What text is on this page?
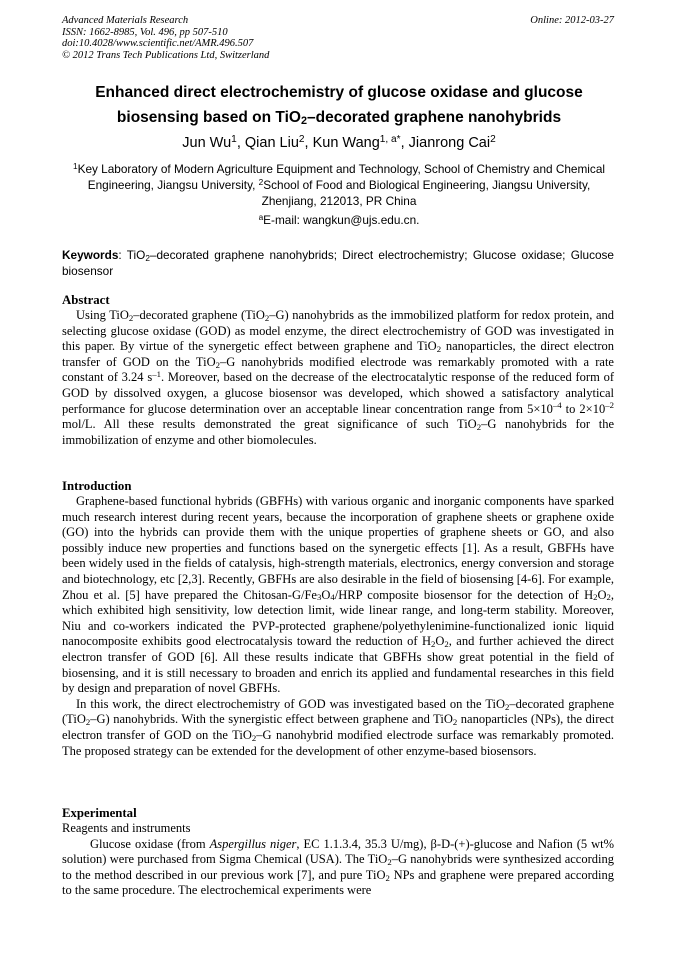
Advanced Materials Research
ISSN: 1662-8985, Vol. 496, pp 507-510
doi:10.4028/www.scientific.net/AMR.496.507
© 2012 Trans Tech Publications Ltd, Switzerland
Online: 2012-03-27
Enhanced direct electrochemistry of glucose oxidase and glucose
biosensing based on TiO$_2$–decorated graphene nanohybrids
Jun Wu$^1$, Qian Liu$^2$, Kun Wang$^{1, a*}$, Jianrong Cai$^2$
$^1$Key Laboratory of Modern Agriculture Equipment and Technology, School of Chemistry and Chemical Engineering, Jiangsu University, $^2$School of Food and Biological Engineering, Jiangsu University, Zhenjiang, 212013, PR China
$^a$E-mail: wangkun@ujs.edu.cn.
Keywords: TiO$_2$–decorated graphene nanohybrids; Direct electrochemistry; Glucose oxidase; Glucose biosensor
Abstract

Using TiO$_2$–decorated graphene (TiO$_2$–G) nanohybrids as the immobilized platform for redox protein, and selecting glucose oxidase (GOD) as model enzyme, the direct electrochemistry of GOD was investigated in this paper. By virtue of the synergetic effect between graphene and TiO$_2$ nanoparticles, the direct electron transfer of GOD on the TiO$_2$–G nanohybrids modified electrode was remarkably promoted with a rate constant of 3.24 $s^{-1}$. Moreover, based on the decrease of the electrocatalytic response of the reduced form of GOD by dissolved oxygen, a glucose biosensor was developed, which showed a satisfactory analytical performance for glucose determination over an acceptable linear concentration range from $5\times 10^{-4}$ to $2\times 10^{-2}$ mol/L. All these results demonstrated the great significance of such TiO$_2$–G nanohybrids for the immobilization of enzyme and other biomolecules.

Introduction

Graphene-based functional hybrids (GBFHs) with various organic and inorganic components have sparked much research interest during recent years, because the incorporation of graphene sheets or graphene oxide (GO) into the hybrids can provide them with the unique properties of graphene sheets or GO, and also possibly induce new properties and functions based on the synergetic effects [1]. As a result, GBFHs have been widely used in the fields of catalysis, high-strength materials, electronics, energy conversion and storage and biotechnology, etc [2,3]. Recently, GBFHs are also desirable in the field of biosensing [4-6]. For example, Zhou et al. [5] have prepared the Chitosan-$G/Fe_3O_4$/HRP composite biosensor for the detection of $H_2O_2$, which exhibited high sensitivity, low detection limit, wide linear range, and long-term stability. Moreover, Niu and co-workers indicated the PVP-protected graphene/polyethylenimine-functionalized ionic liquid nanocomposite exhibits good electrocatalysis toward the reduction of $H_2O_2$, and further achieved the direct electron transfer of GOD [6]. All these results indicate that GBFHs show great potential in the field of biosensing, and it is still necessary to broaden and enrich its applied and fundamental researches in this field by design and preparation of novel GBFHs.

In this work, the direct electrochemistry of GOD was investigated based on the TiO$_2$–decorated graphene (TiO$_2$–G) nanohybrids. With the synergistic effect between graphene and TiO$_2$ nanoparticles (NPs), the direct electron transfer of GOD on the TiO$_2$–G nanohybrid modified electrode surface was remarkably promoted. The proposed strategy can be extended for the development of other enzyme-based biosensors.

Experimental
Reagents and instruments

Glucose oxidase (from Aspergillus niger, EC 1.1.3.4, 35.3 U/mg), β-D-(+)-glucose and Nafion (5 wt% solution) were purchased from Sigma Chemical (USA). The TiO$_2$–G nanohybrids were synthesized according to the method described in our previous work [7], and pure TiO$_2$ NPs and graphene were prepared according to the same procedure. The electrochemical experiments were
